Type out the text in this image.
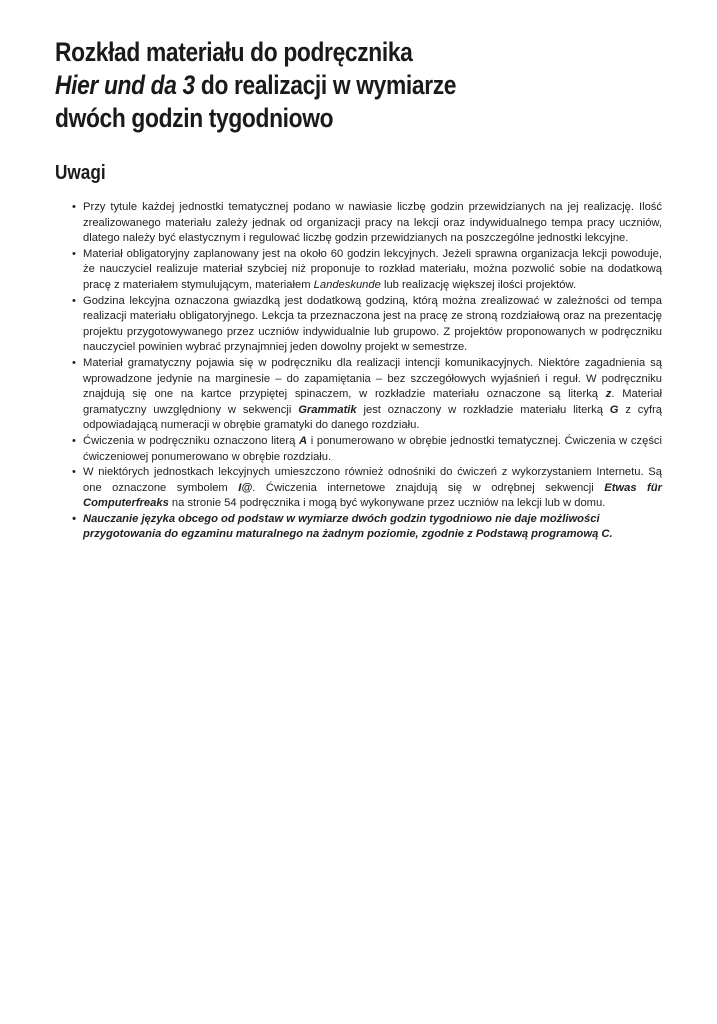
Rozkład materiału do podręcznika
Hier und da 3 do realizacji w wymiarze
dwóch godzin tygodniowo
Uwagi
• Przy tytule każdej jednostki tematycznej podano w nawiasie liczbę godzin przewidzianych na jej realizację. Ilość zrealizowanego materiału zależy jednak od organizacji pracy na lekcji oraz indywidualnego tempa pracy uczniów, dlatego należy być elastycznym i regulować liczbę godzin przewidzianych na poszczególne jednostki lekcyjne.
• Materiał obligatoryjny zaplanowany jest na około 60 godzin lekcyjnych. Jeżeli sprawna organizacja lekcji powoduje, że nauczyciel realizuje materiał szybciej niż proponuje to rozkład materiału, można pozwolić sobie na dodatkową pracę z materiałem stymulującym, materiałem Landeskunde lub realizację większej ilości projektów.
• Godzina lekcyjna oznaczona gwiazdką jest dodatkową godziną, którą można zrealizować w zależności od tempa realizacji materiału obligatoryjnego. Lekcja ta przeznaczona jest na pracę ze stroną rozdziałową oraz na prezentację projektu przygotowywanego przez uczniów indywidualnie lub grupowo. Z projektów proponowanych w podręczniku nauczyciel powinien wybrać przynajmniej jeden dowolny projekt w semestrze.
• Materiał gramatyczny pojawia się w podręczniku dla realizacji intencji komunikacyjnych. Niektóre zagadnienia są wprowadzone jedynie na marginesie – do zapamiętania – bez szczegółowych wyjaśnień i reguł. W podręczniku znajdują się one na kartce przypiętej spinaczem, w rozkładzie materiału oznaczone są literką z. Materiał gramatyczny uwzględniony w sekwencji Grammatik jest oznaczony w rozkładzie materiału literką G z cyfrą odpowiadającą numeracji w obrębie gramatyki do danego rozdziału.
• Ćwiczenia w podręczniku oznaczono literą A i ponumerowano w obrębie jednostki tematycznej. Ćwiczenia w części ćwiczeniowej ponumerowano w obrębie rozdziału.
• W niektórych jednostkach lekcyjnych umieszczono również odnośniki do ćwiczeń z wykorzystaniem Internetu. Są one oznaczone symbolem I@. Ćwiczenia internetowe znajdują się w odrębnej sekwencji Etwas für Computerfreaks na stronie 54 podręcznika i mogą być wykonywane przez uczniów na lekcji lub w domu.
• Nauczanie języka obcego od podstaw w wymiarze dwóch godzin tygodniowo nie daje możliwości przygotowania do egzaminu maturalnego na żadnym poziomie, zgodnie z Podstawą programową C.
